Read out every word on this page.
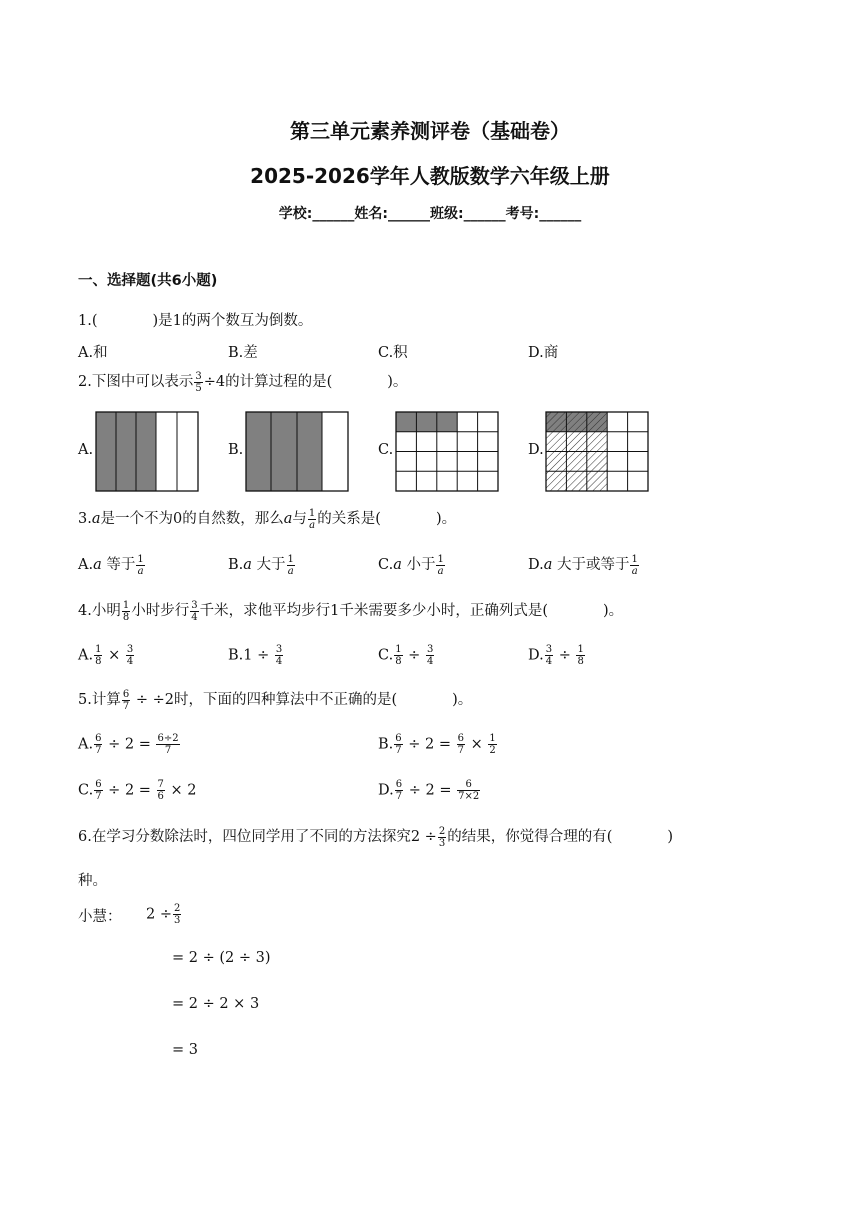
第三单元素养测评卷（基础卷）
2025-2026学年人教版数学六年级上册
学校:______姓名:______班级:______考号:______
一、选择题(共6小题)
1.(	)是1的两个数互为倒数。
A.和	B.差	C.积	D.商
2.下图中可以表示 $\frac{3}{5} \div 4$的计算过程的是(	)。
A.	B.	C.	D.
3.a是一个不为0的自然数，那么a与 $\frac{1}{a}$ 的关系是(	)。
A.a 等于 $\frac{1}{a}$	B.a 大于 $\frac{1}{a}$	C.a 小于 $\frac{1}{a}$	D.a 大于或等于 $\frac{1}{a}$
4.小明 $\frac{1}{8}$ 小时步行 $\frac{3}{4}$ 千米，求他平均步行1千米需要多少小时，正确列式是(	)。
A. $\frac{1}{8} \times \frac{3}{4}$	$B.1 \div \frac{3}{4}$	C. $\frac{1}{8} \div \frac{3}{4}$	D. $\frac{3}{4} \div \frac{1}{8}$
5.计算 $\frac{6}{7} \div \div 2$时，下面的四种算法中不正确的是(	)。
A. $\frac{6}{7} \div 2 = \frac{6\div 2}{7}$	B. $\frac{6}{7} \div 2 = \frac{6}{7} \times \frac{1}{2}$
C. $\frac{6}{7} \div 2 = \frac{7}{6} \times 2$	D. $\frac{6}{7} \div 2 = \frac{6}{7\times 2}$
6.在学习分数除法时，四位同学用了不同的方法探究$2 \div \frac{2}{3}$ 的结果，你觉得合理的有(	)
种。
小慧： $2 \div \frac{2}{3}$
= 2 ÷ (2 ÷ 3)
= 2 ÷ 2 × 3
= 3
